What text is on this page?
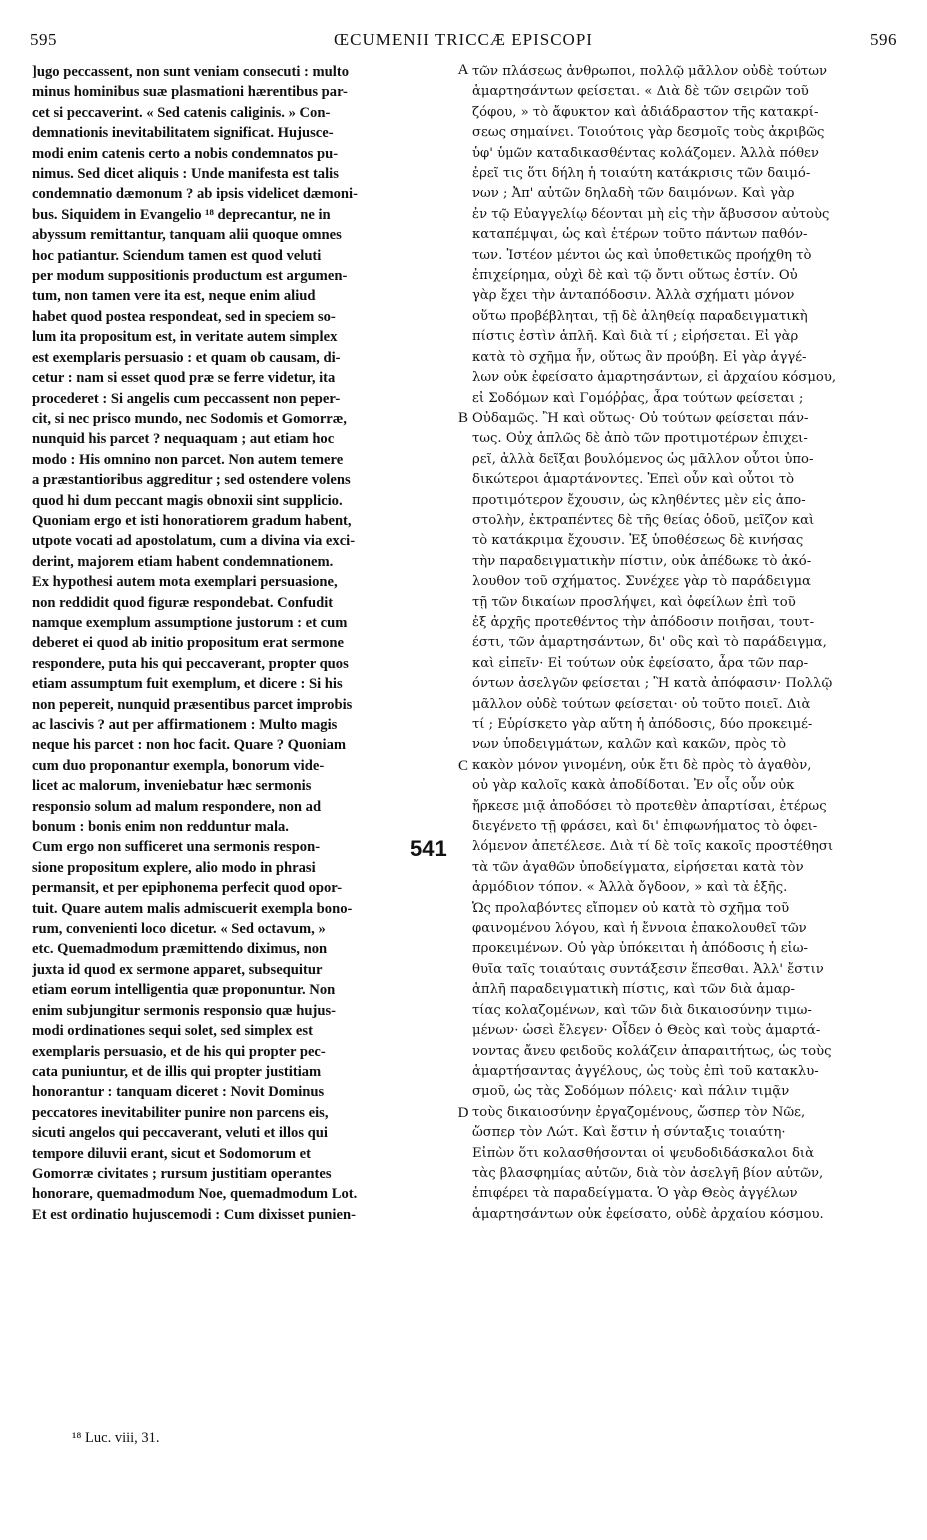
595	ŒCUMENII TRICCÆ EPISCOPI	596
]ugo peccassent, non sunt veniam consecuti : multo
minus hominibus suæ plasmationi hærentibus par-
cet si peccaverint. « Sed catenis caliginis. » Con-
demnationis inevitabilitatem significat. Hujusce-
modi enim catenis certo a nobis condemnatos pu-
nimus. Sed dicet aliquis : Unde manifesta est talis
condemnatio dæmonum ? ab ipsis videlicet dæmoni-
bus. Siquidem in Evangelio ¹⁸ deprecantur, ne in
abyssum remittantur, tanquam alii quoque omnes
hoc patiantur. Sciendum tamen est quod veluti
per modum suppositionis productum est argumen-
tum, non tamen vere ita est, neque enim aliud
habet quod postea respondeat, sed in speciem so-
lum ita propositum est, in veritate autem simplex
est exemplaris persuasio : et quam ob causam, di-
cetur : nam si esset quod præ se ferre videtur, ita
procederet : Si angelis cum peccassent non peper-
cit, si nec prisco mundo, nec Sodomis et Gomorræ,
nunquid his parcet ? nequaquam ; aut etiam hoc
modo : His omnino non parcet. Non autem temere
a præstantioribus aggreditur ; sed ostendere volens
quod hi dum peccant magis obnoxii sint supplicio.
Quoniam ergo et isti honoratiorem gradum habent,
utpote vocati ad apostolatum, cum a divina via exci-
derint, majorem etiam habent condemnationem.
Ex hypothesi autem mota exemplari persuasione,
non reddidit quod figuræ respondebat. Confudit
namque exemplum assumptione justorum : et cum
deberet ei quod ab initio propositum erat sermone
respondere, puta his qui peccaverant, propter quos
etiam assumptum fuit exemplum, et dicere : Si his
non pepereit, nunquid præsentibus parcet improbis
ac lascivis ? aut per affirmationem : Multo magis
neque his parcet : non hoc facit. Quare ? Quoniam
cum duo proponantur exempla, bonorum vide-
licet ac malorum, inveniebatur hæc sermonis
responsio solum ad malum respondere, non ad
bonum : bonis enim non redduntur mala.
Cum ergo non sufficeret una sermonis respon-
sione propositum explere, alio modo in phrasi
permansit, et per epiphonema perfecit quod opor-
tuit. Quare autem malis admiscuerit exempla bono-
rum, convenienti loco dicetur. « Sed octavum, »
etc. Quemadmodum præmittendo diximus, non
juxta id quod ex sermone apparet, subsequitur
etiam eorum intelligentia quæ proponuntur. Non
enim subjungitur sermonis responsio quæ hujus-
modi ordinationes sequi solet, sed simplex est
exemplaris persuasio, et de his qui propter pec-
cata puniuntur, et de illis qui propter justitiam
honorantur : tanquam diceret : Novit Dominus
peccatores inevitabiliter punire non parcens eis,
sicuti angelos qui peccaverant, veluti et illos qui
tempore diluvii erant, sicut et Sodomorum et
Gomorræ civitates ; rursum justitiam operantes
honorare, quemadmodum Noe, quemadmodum Lot.
Et est ordinatio hujuscemodi : Cum dixisset punien-
τῶν πλάσεως ἀνθρωποι, πολλῷ μᾶλλον οὐδὲ τούτων
ἁμαρτησάντων φείσεται. « Διὰ δὲ τῶν σειρῶν τοῦ
ζόφου, » τὸ ἄφυκτον καὶ ἀδιάδραστον τῆς κατακρί-
σεως σημαίνει. Τοιούτοις γὰρ δεσμοῖς τοὺς ἀκριβῶς
ὑφ' ὑμῶν καταδικασθέντας κολάζομεν. Ἀλλὰ πόθεν
ἐρεῖ τις ὅτι δήλη ἡ τοιαύτη κατάκρισις τῶν δαιμό-
νων ; Ἀπ' αὐτῶν δηλαδὴ τῶν δαιμόνων. Καὶ γὰρ
ἐν τῷ Εὐαγγελίῳ δέονται μὴ εἰς τὴν ἄβυσσον αὐτοὺς
καταπέμψαι, ὡς καὶ ἑτέρων τοῦτο πάντων παθόν-
των. Ἰστέον μέντοι ὡς καὶ ὑποθετικῶς προήχθη τὸ
ἐπιχείρημα, οὐχὶ δὲ καὶ τῷ ὄντι οὕτως ἐστίν. Οὐ
γὰρ ἔχει τὴν ἀνταπόδοσιν. Ἀλλὰ σχήματι μόνον
οὕτω προβέβληται, τῇ δὲ ἀληθείᾳ παραδειγματικὴ
πίστις ἐστὶν ἁπλῆ. Καὶ διὰ τί ; εἰρήσεται. Εἰ γὰρ
κατὰ τὸ σχῆμα ἦν, οὕτως ἂν προύβη. Εἰ γὰρ ἀγγέ-
λων οὐκ ἐφείσατο ἁμαρτησάντων, εἰ ἀρχαίου κόσμου,
εἰ Σοδόμων καὶ Γομόῤῥας, ἆρα τούτων φείσεται ;
Οὐδαμῶς. Ἢ καὶ οὕτως· Οὐ τούτων φείσεται πάν-
τως. Οὐχ ἁπλῶς δὲ ἀπὸ τῶν προτιμοτέρων ἐπιχει-
ρεῖ, ἀλλὰ δεῖξαι βουλόμενος ὡς μᾶλλον οὗτοι ὑπο-
δικώτεροι ἁμαρτάνοντες. Ἐπεὶ οὖν καὶ οὗτοι τὸ
προτιμότερον ἔχουσιν, ὡς κληθέντες μὲν εἰς ἀπο-
στολὴν, ἐκτραπέντες δὲ τῆς θείας ὁδοῦ, μεῖζον καὶ
τὸ κατάκριμα ἔχουσιν. Ἐξ ὑποθέσεως δὲ κινήσας
τὴν παραδειγματικὴν πίστιν, οὐκ ἀπέδωκε τὸ ἀκό-
λουθον τοῦ σχήματος. Συνέχεε γὰρ τὸ παράδειγμα
τῇ τῶν δικαίων προσλήψει, καὶ ὀφείλων ἐπὶ τοῦ
ἐξ ἀρχῆς προτεθέντος τὴν ἀπόδοσιν ποιῆσαι, τουτ-
έστι, τῶν ἁμαρτησάντων, δι' οὓς καὶ τὸ παράδειγμα,
καὶ εἰπεῖν· Εἰ τούτων οὐκ ἐφείσατο, ἆρα τῶν παρ-
όντων ἀσελγῶν φείσεται ; Ἢ κατὰ ἀπόφασιν· Πολλῷ
μᾶλλον οὐδὲ τούτων φείσεται· οὐ τοῦτο ποιεῖ. Διὰ
τί ; Εὑρίσκετο γὰρ αὕτη ἡ ἀπόδοσις, δύο προκειμέ-
νων ὑποδειγμάτων, καλῶν καὶ κακῶν, πρὸς τὸ
κακὸν μόνον γινομένη, οὐκ ἔτι δὲ πρὸς τὸ ἀγαθὸν,
οὐ γὰρ καλοῖς κακὰ ἀποδίδοται. Ἐν οἷς οὖν οὐκ
ἤρκεσε μιᾷ ἀποδόσει τὸ προτεθὲν ἀπαρτίσαι, ἑτέρως
διεγένετο τῇ φράσει, καὶ δι' ἐπιφωνήματος τὸ ὀφει-
λόμενον ἀπετέλεσε. Διὰ τί δὲ τοῖς κακοῖς προστέθησι
τὰ τῶν ἀγαθῶν ὑποδείγματα, εἰρήσεται κατὰ τὸν
ἁρμόδιον τόπον. « Ἀλλὰ ὄγδοον, » καὶ τὰ ἑξῆς.
Ὡς προλαβόντες εἴπομεν οὐ κατὰ τὸ σχῆμα τοῦ
φαινομένου λόγου, καὶ ἡ ἔννοια ἐπακολουθεῖ τῶν
προκειμένων. Οὐ γὰρ ὑπόκειται ἡ ἀπόδοσις ἡ εἰω-
θυῖα ταῖς τοιαύταις συντάξεσιν ἕπεσθαι. Ἀλλ' ἔστιν
ἁπλῆ παραδειγματικὴ πίστις, καὶ τῶν διὰ ἁμαρ-
τίας κολαζομένων, καὶ τῶν διὰ δικαιοσύνην τιμω-
μένων· ὡσεὶ ἔλεγεν· Οἶδεν ὁ Θεὸς καὶ τοὺς ἁμαρτά-
νοντας ἄνευ φειδοῦς κολάζειν ἀπαραιτήτως, ὡς τοὺς
ἁμαρτήσαντας ἀγγέλους, ὡς τοὺς ἐπὶ τοῦ κατακλυ-
σμοῦ, ὡς τὰς Σοδόμων πόλεις· καὶ πάλιν τιμᾷν
τοὺς δικαιοσύνην ἐργαζομένους, ὥσπερ τὸν Νῶε,
ὥσπερ τὸν Λώτ. Καὶ ἔστιν ἡ σύνταξις τοιαύτη·
Εἰπὼν ὅτι κολασθήσονται οἱ ψευδοδιδάσκαλοι διὰ
τὰς βλασφημίας αὐτῶν, διὰ τὸν ἀσελγῆ βίον αὐτῶν,
ἐπιφέρει τὰ παραδείγματα. Ὁ γὰρ Θεὸς ἀγγέλων
ἁμαρτησάντων οὐκ ἐφείσατο, οὐδὲ ἀρχαίου κόσμου.
A
B
C
D
541
¹⁸ Luc. viii, 31.
